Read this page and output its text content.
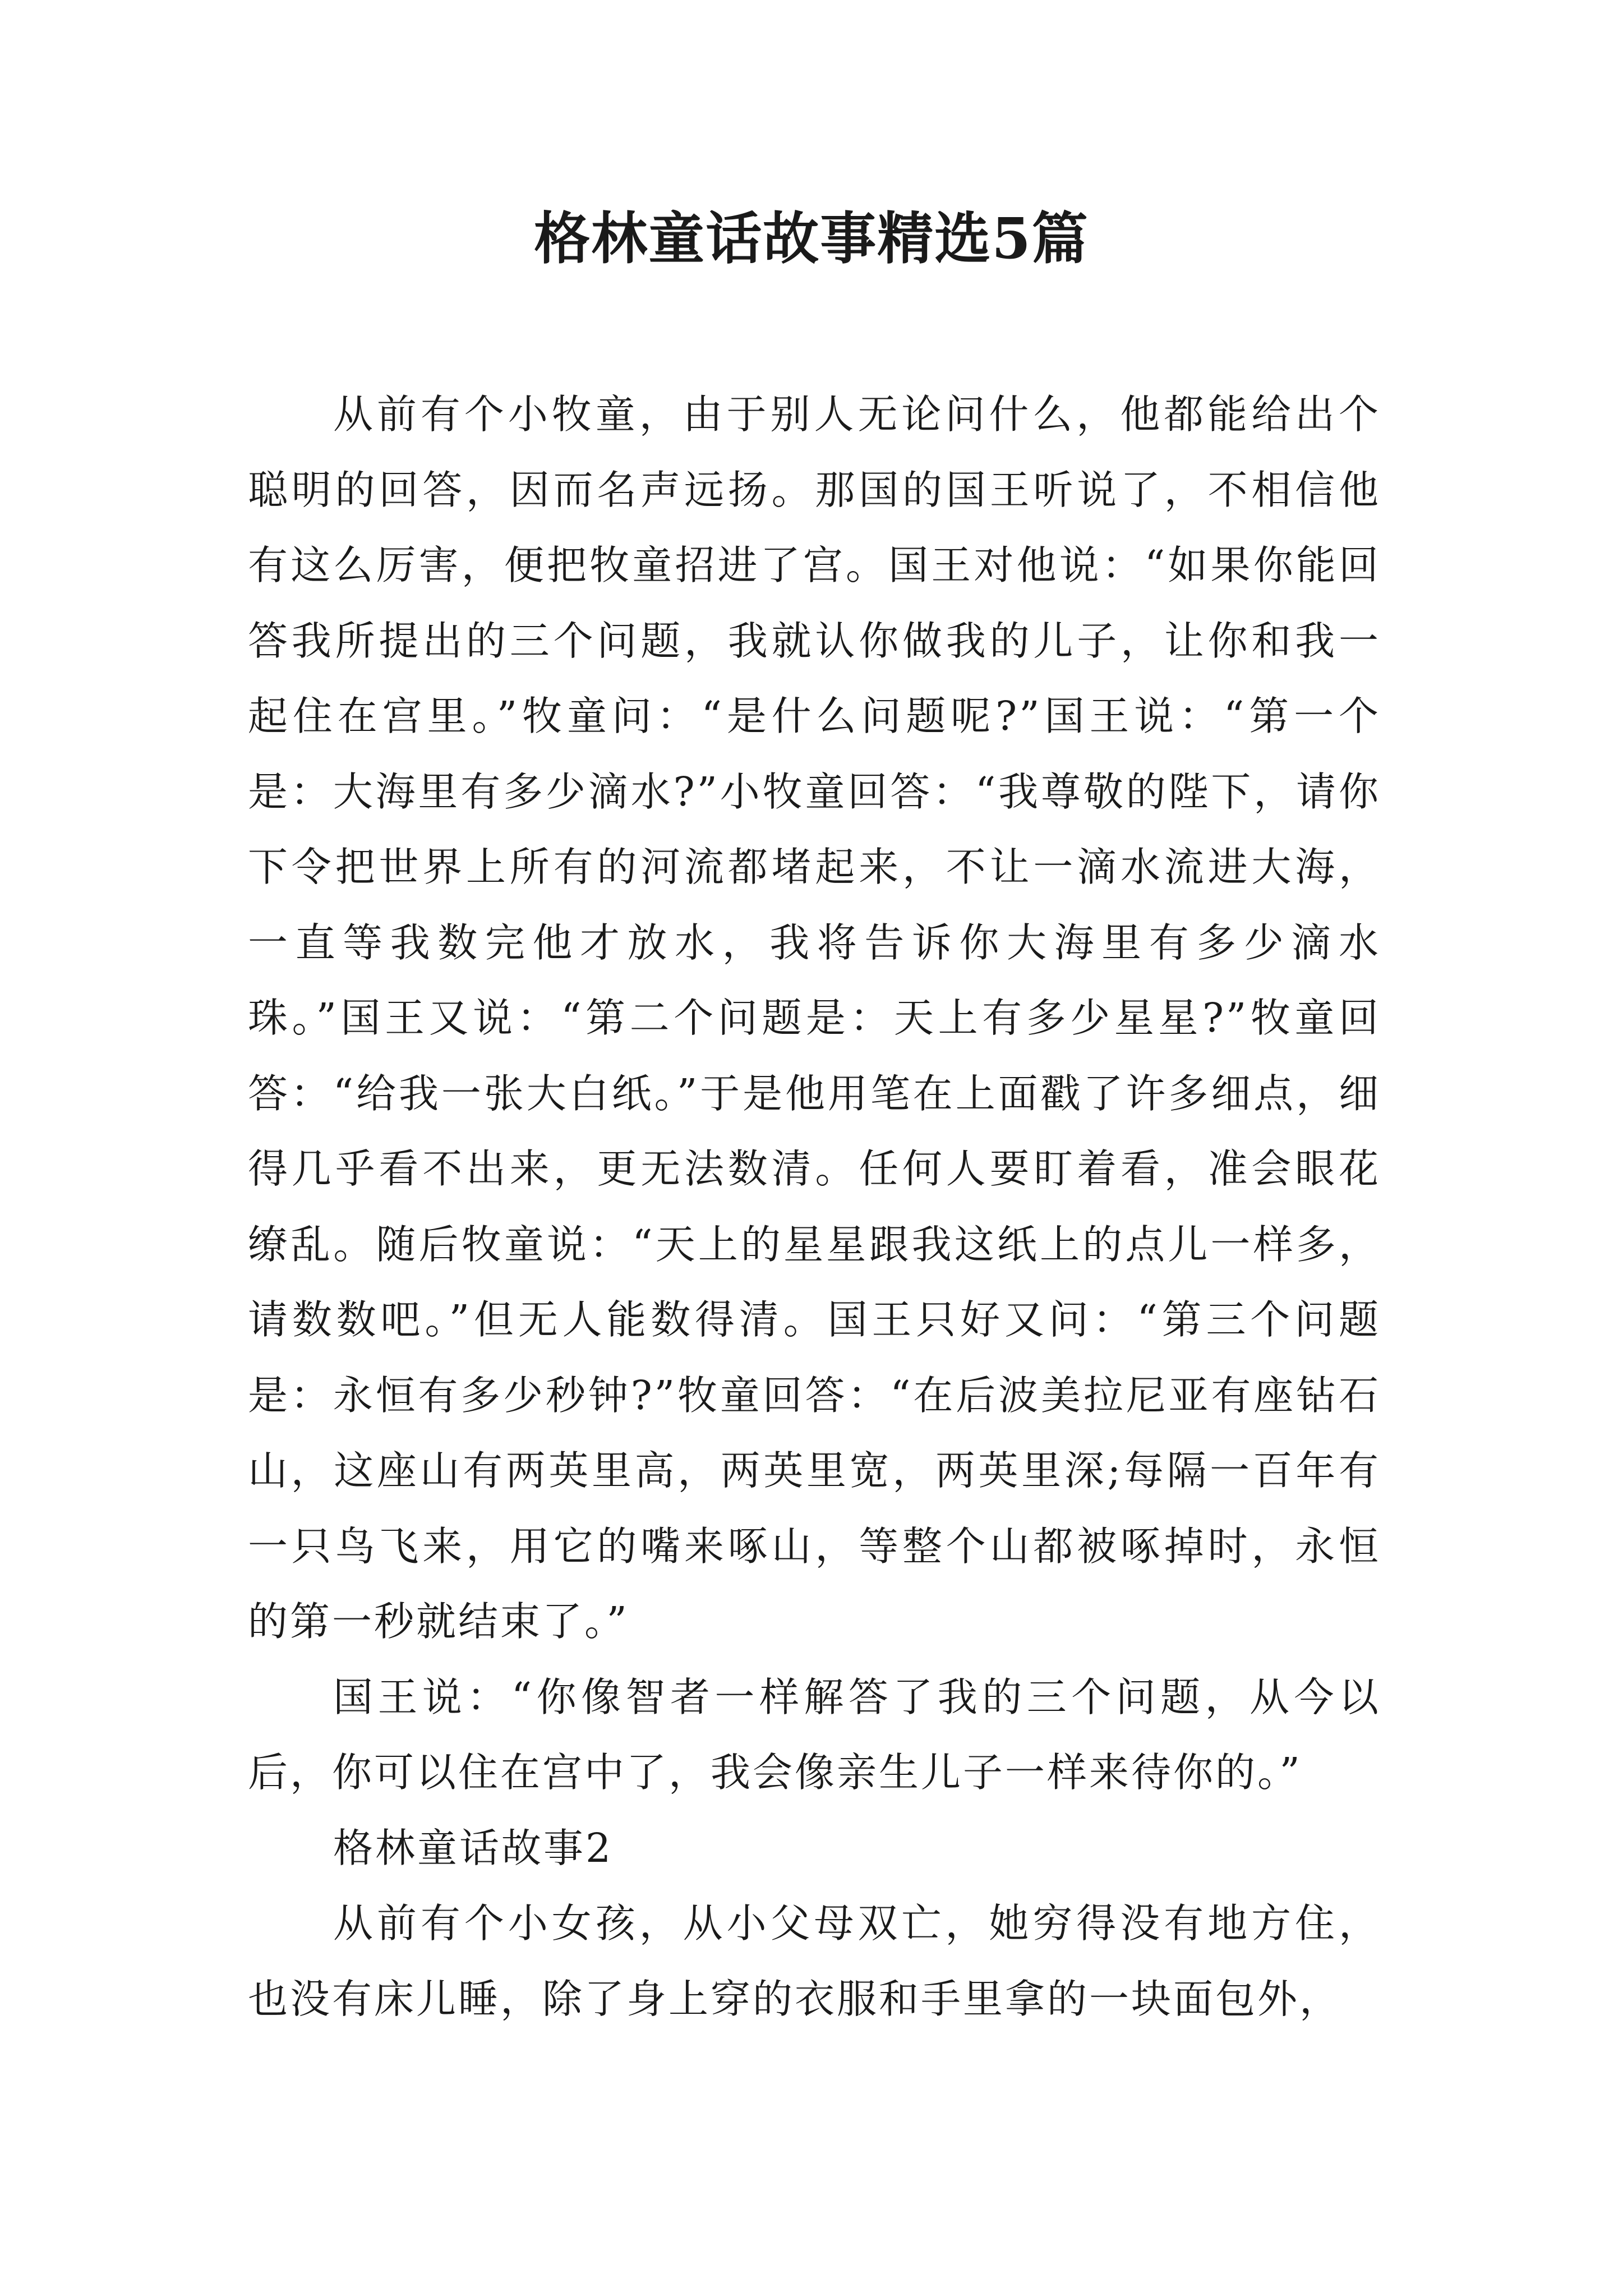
格林童话故事精选5篇

从前有个小牧童，由于别人无论问什么，他都能给出个聪明的回答，因而名声远扬。那国的国王听说了，不相信他有这么厉害，便把牧童招进了宫。国王对他说：“如果你能回答我所提出的三个问题，我就认你做我的儿子，让你和我一起住在宫里。”牧童问：“是什么问题呢?”国王说：“第一个是：大海里有多少滴水?”小牧童回答：“我尊敬的陛下，请你下令把世界上所有的河流都堵起来，不让一滴水流进大海，一直等我数完他才放水，我将告诉你大海里有多少滴水珠。”国王又说：“第二个问题是：天上有多少星星?”牧童回答：“给我一张大白纸。”于是他用笔在上面戳了许多细点，细得几乎看不出来，更无法数清。任何人要盯着看，准会眼花缭乱。随后牧童说：“天上的星星跟我这纸上的点儿一样多，请数数吧。”但无人能数得清。国王只好又问：“第三个问题是：永恒有多少秒钟?”牧童回答：“在后波美拉尼亚有座钻石山，这座山有两英里高，两英里宽，两英里深;每隔一百年有一只鸟飞来，用它的嘴来啄山，等整个山都被啄掉时，永恒的第一秒就结束了。”

国王说：“你像智者一样解答了我的三个问题，从今以后，你可以住在宫中了，我会像亲生儿子一样来待你的。”

格林童话故事2

从前有个小女孩，从小父母双亡，她穷得没有地方住，也没有床儿睡，除了身上穿的衣服和手里拿的一块面包外，
